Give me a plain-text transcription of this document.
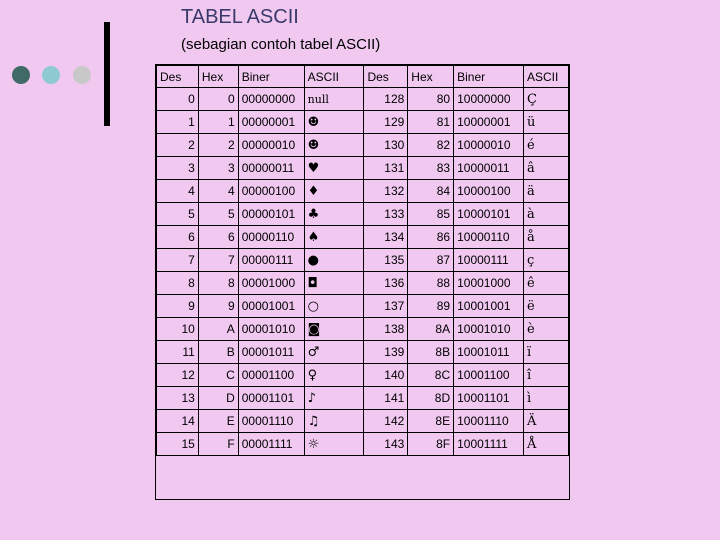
TABEL ASCII
(sebagian contoh tabel ASCII)
Des	Hex	Biner	ASCII	Des	Hex	Biner	ASCII
0	0	00000000	null	128	80	10000000	Ç
1	1	00000001	☻	129	81	10000001	ü
2	2	00000010	☻	130	82	10000010	é
3	3	00000011	♥	131	83	10000011	â
4	4	00000100	♦	132	84	10000100	ä
5	5	00000101	♣	133	85	10000101	à
6	6	00000110	♠	134	86	10000110	å
7	7	00000111	●	135	87	10000111	ç
8	8	00001000	◘	136	88	10001000	ê
9	9	00001001	○	137	89	10001001	ë
10	A	00001010	◙	138	8A	10001010	è
11	B	00001011	♂	139	8B	10001011	ï
12	C	00001100	♀	140	8C	10001100	î
13	D	00001101	♪	141	8D	10001101	ì
14	E	00001110	♫	142	8E	10001110	Ä
15	F	00001111	☼	143	8F	10001111	Å
